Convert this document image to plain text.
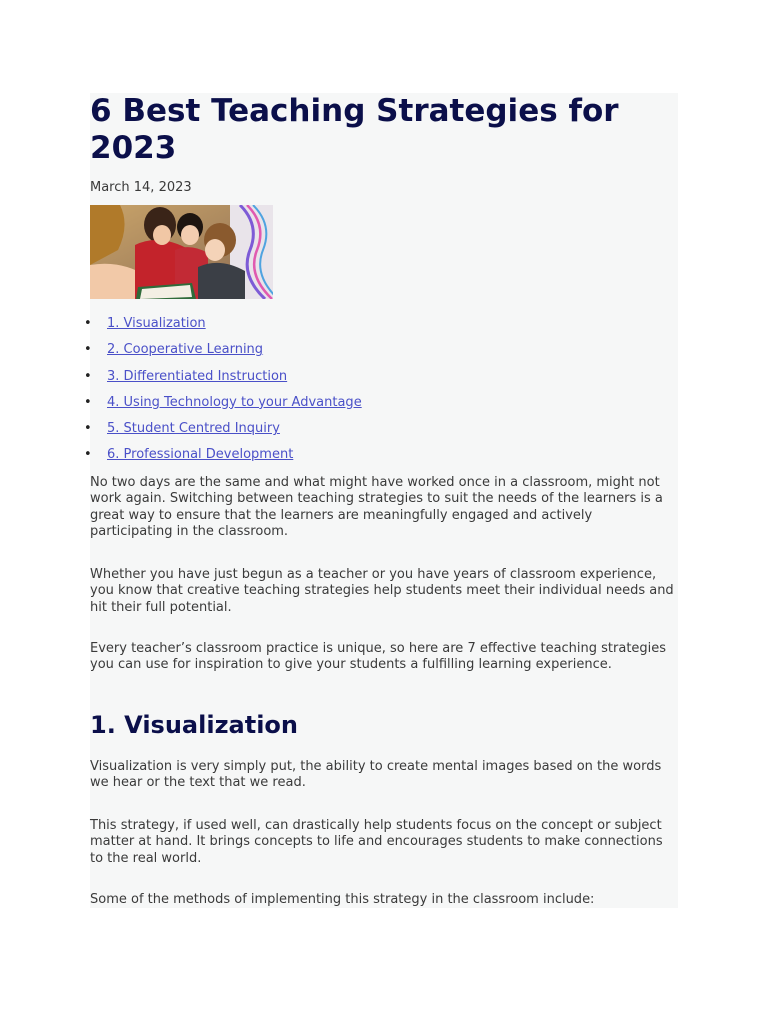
6 Best Teaching Strategies for 2023
March 14, 2023
• 1. Visualization
• 2. Cooperative Learning
• 3. Differentiated Instruction
• 4. Using Technology to your Advantage
• 5. Student Centred Inquiry
• 6. Professional Development

No two days are the same and what might have worked once in a classroom, might not work again. Switching between teaching strategies to suit the needs of the learners is a great way to ensure that the learners are meaningfully engaged and actively participating in the classroom.

Whether you have just begun as a teacher or you have years of classroom experience, you know that creative teaching strategies help students meet their individual needs and hit their full potential.

Every teacher’s classroom practice is unique, so here are 7 effective teaching strategies you can use for inspiration to give your students a fulfilling learning experience.

1. Visualization

Visualization is very simply put, the ability to create mental images based on the words we hear or the text that we read.

This strategy, if used well, can drastically help students focus on the concept or subject matter at hand. It brings concepts to life and encourages students to make connections to the real world.

Some of the methods of implementing this strategy in the classroom include:
